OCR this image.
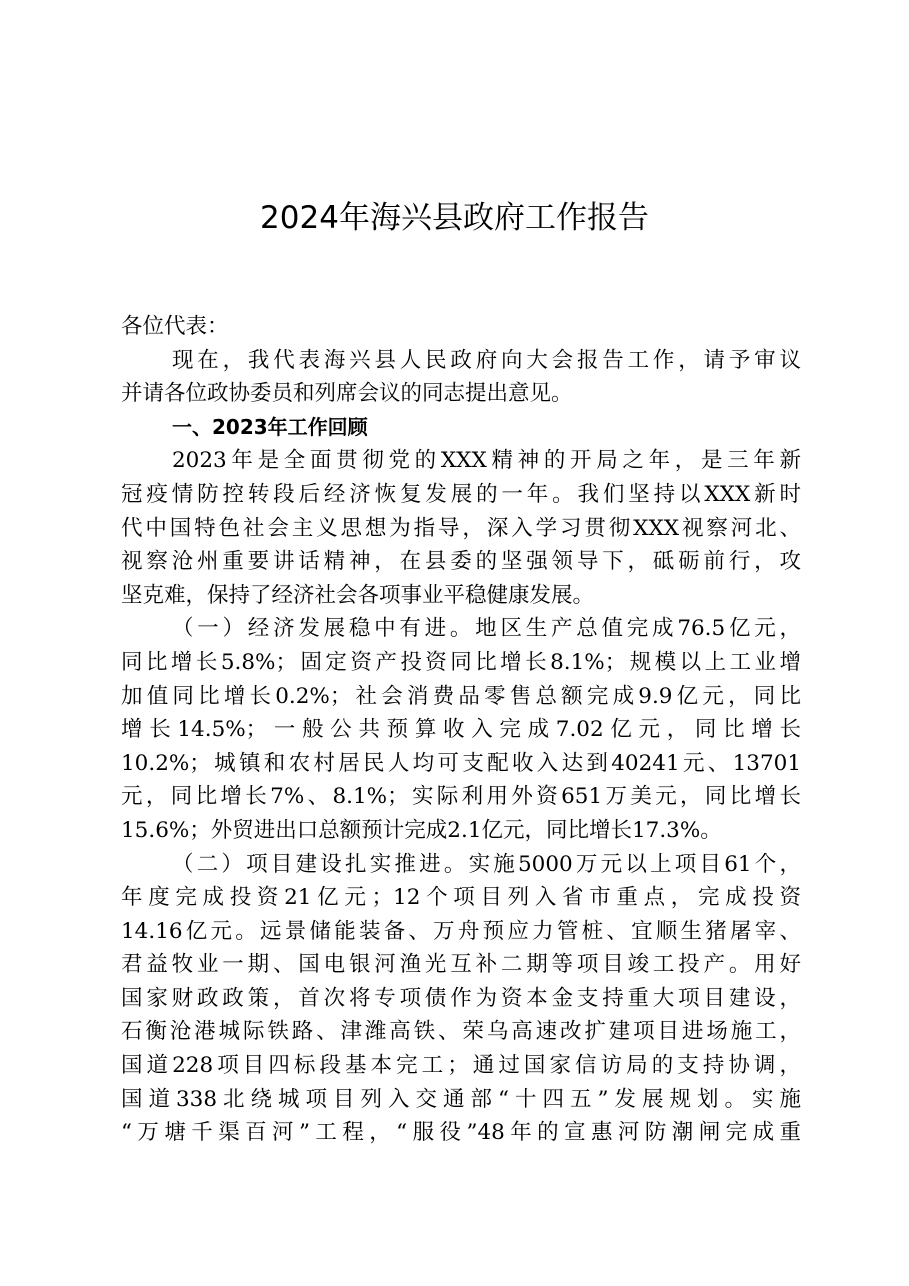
2024年海兴县政府工作报告
各位代表：
现在，我代表海兴县人民政府向大会报告工作，请予审议
并请各位政协委员和列席会议的同志提出意见。
一、2023年工作回顾
2023年是全面贯彻党的XXX精神的开局之年，是三年新
冠疫情防控转段后经济恢复发展的一年。我们坚持以XXX新时
代中国特色社会主义思想为指导，深入学习贯彻XXX视察河北、
视察沧州重要讲话精神，在县委的坚强领导下，砥砺前行，攻
坚克难，保持了经济社会各项事业平稳健康发展。
（一）经济发展稳中有进。地区生产总值完成76.5亿元，
同比增长5.8%；固定资产投资同比增长8.1%；规模以上工业增
加值同比增长0.2%；社会消费品零售总额完成9.9亿元，同比
增长14.5%；一般公共预算收入完成7.02亿元，同比增长
10.2%；城镇和农村居民人均可支配收入达到40241元、13701
元，同比增长7%、8.1%；实际利用外资651万美元，同比增长
15.6%；外贸进出口总额预计完成2.1亿元，同比增长17.3%。
（二）项目建设扎实推进。实施5000万元以上项目61个，
年度完成投资21亿元；12个项目列入省市重点，完成投资
14.16亿元。远景储能装备、万舟预应力管桩、宜顺生猪屠宰、
君益牧业一期、国电银河渔光互补二期等项目竣工投产。用好
国家财政政策，首次将专项债作为资本金支持重大项目建设，
石衡沧港城际铁路、津潍高铁、荣乌高速改扩建项目进场施工，
国道228项目四标段基本完工；通过国家信访局的支持协调，
国道338北绕城项目列入交通部“十四五”发展规划。实施
“万塘千渠百河”工程，“服役”48年的宣惠河防潮闸完成重
